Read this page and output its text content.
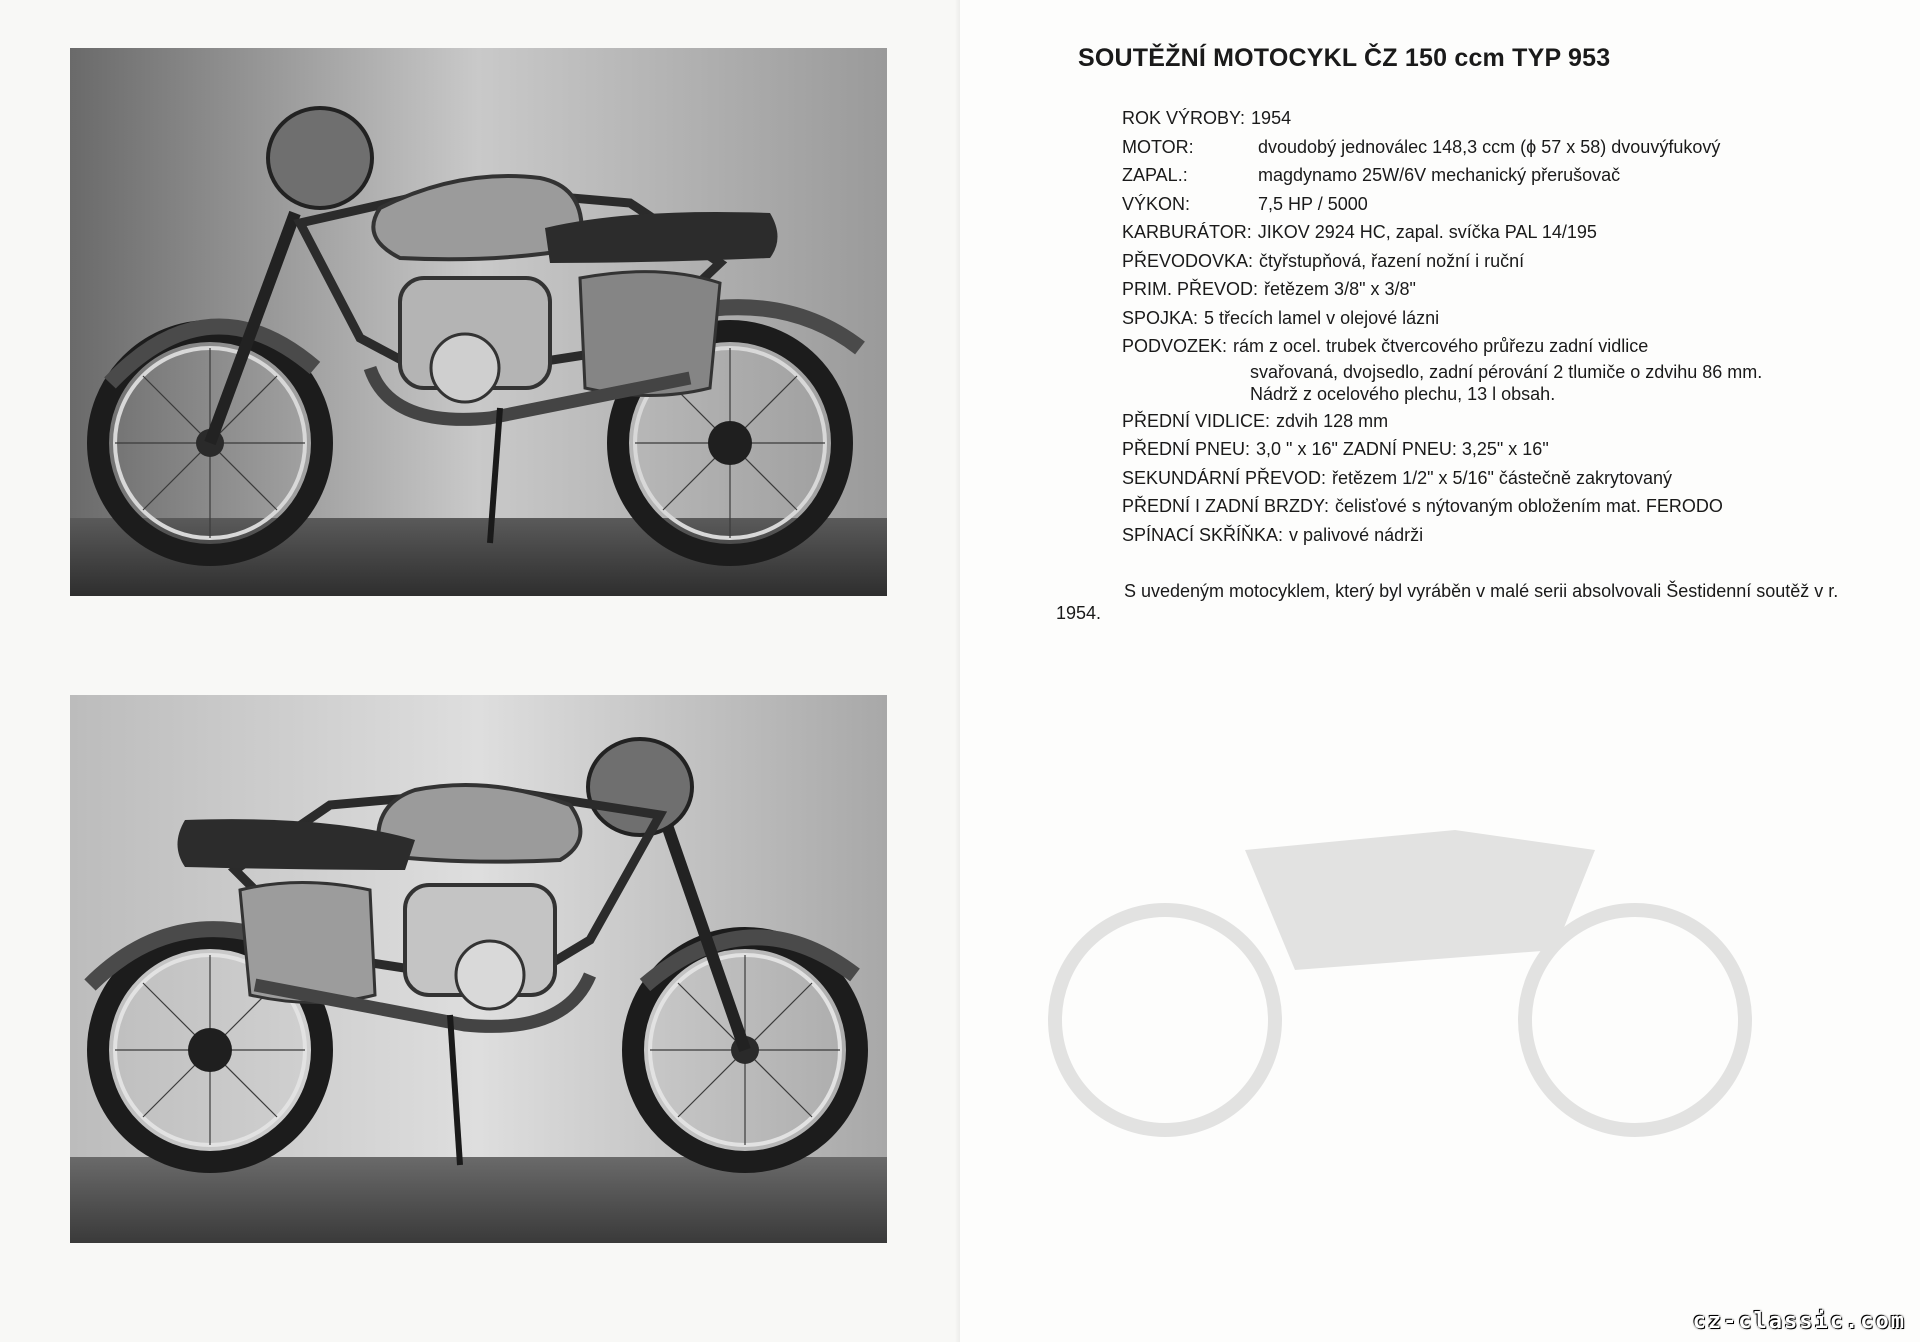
SOUTĚŽNÍ MOTOCYKL ČZ 150 ccm TYP 953
ROK VÝROBY: 1954
MOTOR:	dvoudobý jednoválec 148,3 ccm (ϕ 57 x 58) dvouvýfukový
ZAPAL.:	magdynamo 25W/6V mechanický přerušovač
VÝKON:	7,5 HP / 5000
KARBURÁTOR: JIKOV 2924 HC, zapal. svíčka PAL 14/195
PŘEVODOVKA: čtyřstupňová, řazení nožní i ruční
PRIM. PŘEVOD: řetězem 3/8" x 3/8"
SPOJKA: 5 třecích lamel v olejové lázni
PODVOZEK: rám z ocel. trubek čtvercového průřezu zadní vidlice
svařovaná, dvojsedlo, zadní pérování 2 tlumiče o zdvihu 86 mm.
Nádrž z ocelového plechu, 13 l obsah.
PŘEDNÍ VIDLICE: zdvih 128 mm
PŘEDNÍ PNEU: 3,0 " x 16" ZADNÍ PNEU: 3,25" x 16"
SEKUNDÁRNÍ PŘEVOD: řetězem 1/2" x 5/16" částečně zakrytovaný
PŘEDNÍ I ZADNÍ BRZDY: čelisťové s nýtovaným obložením mat. FERODO
SPÍNACÍ SKŘÍŇKA: v palivové nádrži

S uvedeným motocyklem, který byl vyráběn v malé serii absolvovali Šestidenní soutěž v r. 1954.

cz-classic.com
